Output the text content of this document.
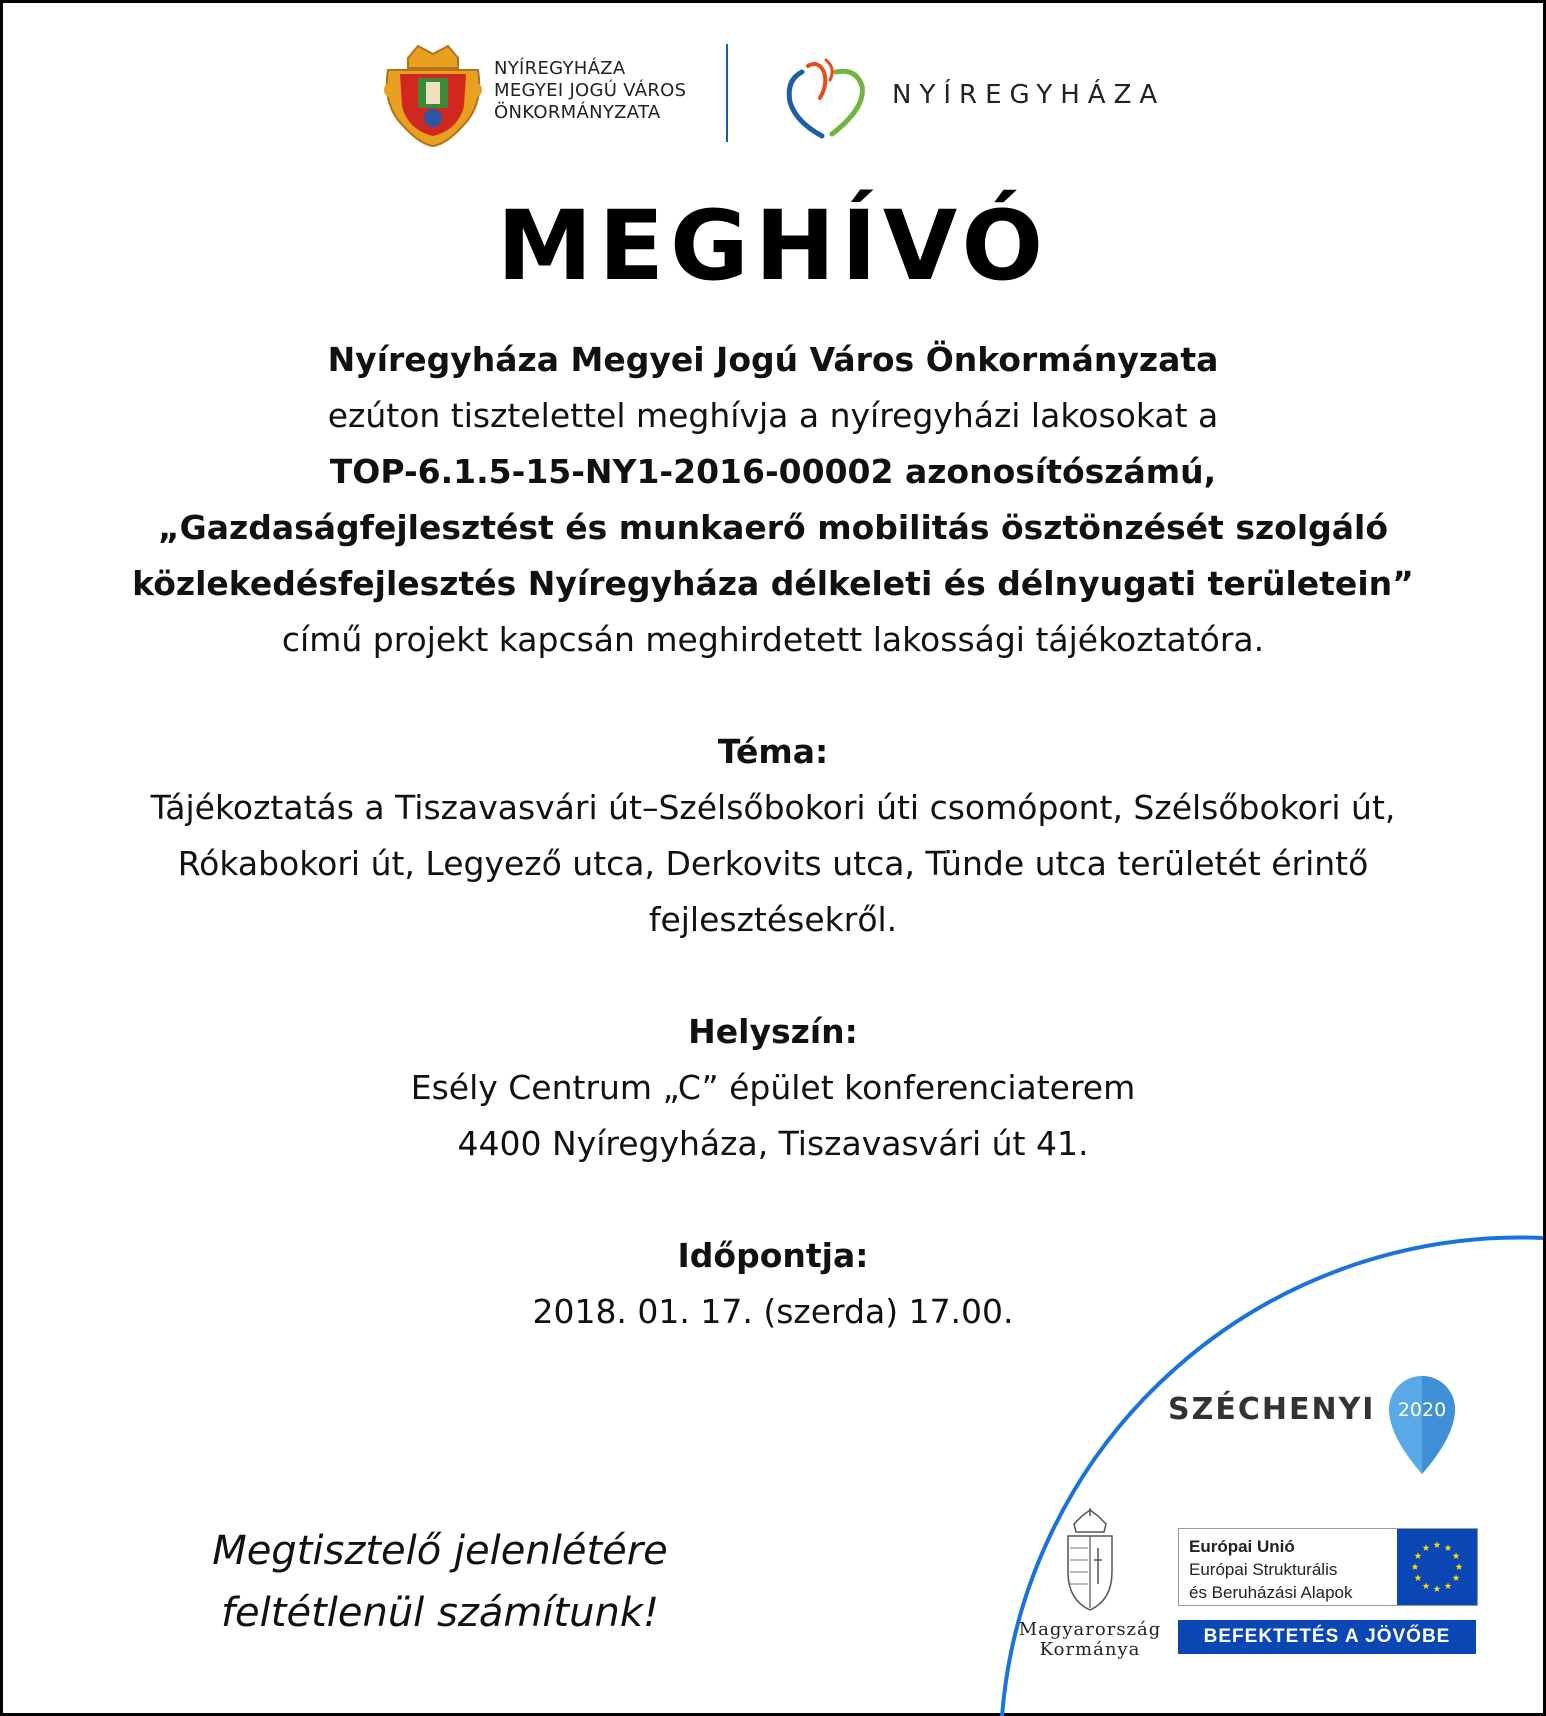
NYÍREGYHÁZA
MEGYEI JOGÚ VÁROS
ÖNKORMÁNYZATA
NYÍREGYHÁZA
MEGHÍVÓ

Nyíregyháza Megyei Jogú Város Önkormányzata

ezúton tisztelettel meghívja a nyíregyházi lakosokat a

TOP-6.1.5-15-NY1-2016-00002 azonosítószámú,

„Gazdaságfejlesztést és munkaerő mobilitás ösztönzését szolgáló

közlekedésfejlesztés Nyíregyháza délkeleti és délnyugati területein”

című projekt kapcsán meghirdetett lakossági tájékoztatóra.

Téma:

Tájékoztatás a Tiszavasvári út–Szélsőbokori úti csomópont, Szélsőbokori út,

Rókabokori út, Legyező utca, Derkovits utca, Tünde utca területét érintő

fejlesztésekről.

Helyszín:

Esély Centrum „C” épület konferenciaterem

4400 Nyíregyháza, Tiszavasvári út 41.

Időpontja:

2018. 01. 17. (szerda) 17.00.

SZÉCHENYI 2020
Megtisztelő jelenlétére
feltétlenül számítunk!	Magyarország
Kormánya
Európai Unió
Európai Strukturális
és Beruházási Alapok
BEFEKTETÉS A JÖVŐBE
